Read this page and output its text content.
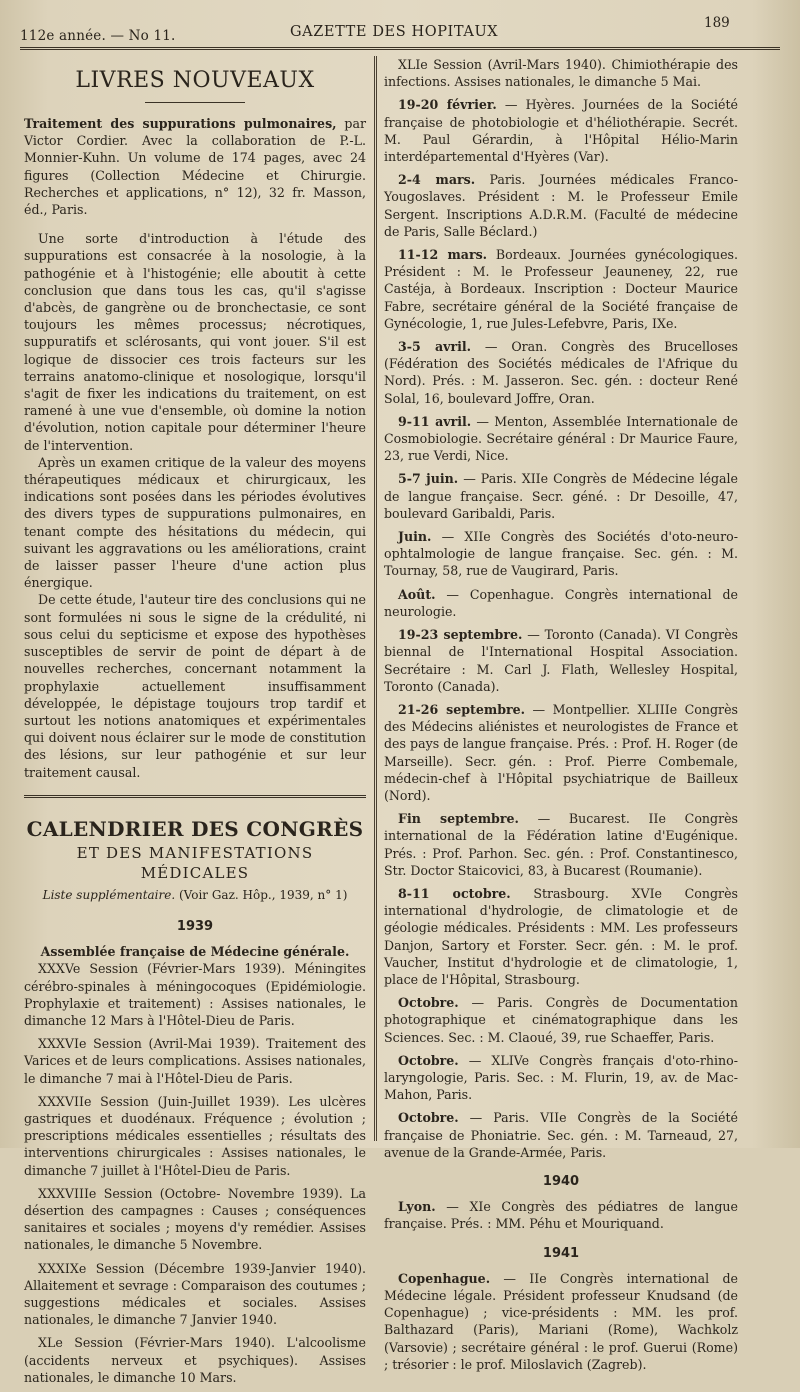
112e année. — No 11.	GAZETTE DES HOPITAUX
189
LIVRES NOUVEAUX

Traitement des suppurations pulmonaires, par Victor Cordier. Avec la collaboration de P.-L. Monnier-Kuhn. Un volume de 174 pages, avec 24 figures (Collection Médecine et Chirurgie. Recherches et applications, n° 12), 32 fr. Masson, éd., Paris.

Une sorte d'introduction à l'étude des suppurations est consacrée à la nosologie, à la pathogénie et à l'histogénie; elle aboutit à cette conclusion que dans tous les cas, qu'il s'agisse d'abcès, de gangrène ou de bronchectasie, ce sont toujours les mêmes processus; nécrotiques, suppuratifs et sclérosants, qui vont jouer. S'il est logique de dissocier ces trois facteurs sur les terrains anatomo-clinique et nosologique, lorsqu'il s'agit de fixer les indications du traitement, on est ramené à une vue d'ensemble, où domine la notion d'évolution, notion capitale pour déterminer l'heure de l'intervention.

Après un examen critique de la valeur des moyens thérapeutiques médicaux et chirurgicaux, les indications sont posées dans les périodes évolutives des divers types de suppurations pulmonaires, en tenant compte des hésitations du médecin, qui suivant les aggravations ou les améliorations, craint de laisser passer l'heure d'une action plus énergique.

De cette étude, l'auteur tire des conclusions qui ne sont formulées ni sous le signe de la crédulité, ni sous celui du septicisme et expose des hypothèses susceptibles de servir de point de départ à de nouvelles recherches, concernant notamment la prophylaxie actuellement insuffisamment développée, le dépistage toujours trop tardif et surtout les notions anatomiques et expérimentales qui doivent nous éclairer sur le mode de constitution des lésions, sur leur pathogénie et sur leur traitement causal.

CALENDRIER DES CONGRÈS
ET DES MANIFESTATIONS MÉDICALES
Liste supplémentaire. (Voir Gaz. Hôp., 1939, n° 1)
1939
Assemblée française de Médecine générale.

XXXVe Session (Février-Mars 1939). Méningites cérébro-spinales à méningocoques (Epidémiologie. Prophylaxie et traitement) : Assises nationales, le dimanche 12 Mars à l'Hôtel-Dieu de Paris.

XXXVIe Session (Avril-Mai 1939). Traitement des Varices et de leurs complications. Assises nationales, le dimanche 7 mai à l'Hôtel-Dieu de Paris.

XXXVIIe Session (Juin-Juillet 1939). Les ulcères gastriques et duodénaux. Fréquence ; évolution ; prescriptions médicales essentielles ; résultats des interventions chirurgicales : Assises nationales, le dimanche 7 juillet à l'Hôtel-Dieu de Paris.

XXXVIIIe Session (Octobre- Novembre 1939). La désertion des campagnes : Causes ; conséquences sanitaires et sociales ; moyens d'y remédier. Assises nationales, le dimanche 5 Novembre.

XXXIXe Session (Décembre 1939-Janvier 1940). Allaitement et sevrage : Comparaison des coutumes ; suggestions médicales et sociales. Assises nationales, le dimanche 7 Janvier 1940.

XLe Session (Février-Mars 1940). L'alcoolisme (accidents nerveux et psychiques). Assises nationales, le dimanche 10 Mars.

XLIe Session (Avril-Mars 1940). Chimiothérapie des infections. Assises nationales, le dimanche 5 Mai.

19-20 février. — Hyères. Journées de la Société française de photobiologie et d'héliothérapie. Secrét. M. Paul Gérardin, à l'Hôpital Hélio-Marin interdépartemental d'Hyères (Var).

2-4 mars. Paris. Journées médicales Franco-Yougoslaves. Président : M. le Professeur Emile Sergent. Inscriptions A.D.R.M. (Faculté de médecine de Paris, Salle Béclard.)

11-12 mars. Bordeaux. Journées gynécologiques. Président : M. le Professeur Jeauneney, 22, rue Castéja, à Bordeaux. Inscription : Docteur Maurice Fabre, secrétaire général de la Société française de Gynécologie, 1, rue Jules-Lefebvre, Paris, IXe.

3-5 avril. — Oran. Congrès des Brucelloses (Fédération des Sociétés médicales de l'Afrique du Nord). Prés. : M. Jasseron. Sec. gén. : docteur René Solal, 16, boulevard Joffre, Oran.

9-11 avril. — Menton, Assemblée Internationale de Cosmobiologie. Secrétaire général : Dr Maurice Faure, 23, rue Verdi, Nice.

5-7 juin. — Paris. XIIe Congrès de Médecine légale de langue française. Secr. géné. : Dr Desoille, 47, boulevard Garibaldi, Paris.

Juin. — XIIe Congrès des Sociétés d'oto-neuro-ophtalmologie de langue française. Sec. gén. : M. Tournay, 58, rue de Vaugirard, Paris.

Août. — Copenhague. Congrès international de neurologie.

19-23 septembre. — Toronto (Canada). VI Congrès biennal de l'International Hospital Association. Secrétaire : M. Carl J. Flath, Wellesley Hospital, Toronto (Canada).

21-26 septembre. — Montpellier. XLIIIe Congrès des Médecins aliénistes et neurologistes de France et des pays de langue française. Prés. : Prof. H. Roger (de Marseille). Secr. gén. : Prof. Pierre Combemale, médecin-chef à l'Hôpital psychiatrique de Bailleux (Nord).

Fin septembre. — Bucarest. IIe Congrès international de la Fédération latine d'Eugénique. Prés. : Prof. Parhon. Sec. gén. : Prof. Constantinesco, Str. Doctor Staicovici, 83, à Bucarest (Roumanie).

8-11 octobre. Strasbourg. XVIe Congrès international d'hydrologie, de climatologie et de géologie médicales. Présidents : MM. Les professeurs Danjon, Sartory et Forster. Secr. gén. : M. le prof. Vaucher, Institut d'hydrologie et de climatologie, 1, place de l'Hôpital, Strasbourg.

Octobre. — Paris. Congrès de Documentation photographique et cinématographique dans les Sciences. Sec. : M. Claoué, 39, rue Schaeffer, Paris.

Octobre. — XLIVe Congrès français d'oto-rhino-laryngologie, Paris. Sec. : M. Flurin, 19, av. de Mac-Mahon, Paris.

Octobre. — Paris. VIIe Congrès de la Société française de Phoniatrie. Sec. gén. : M. Tarneaud, 27, avenue de la Grande-Armée, Paris.

1940

Lyon. — XIe Congrès des pédiatres de langue française. Prés. : MM. Péhu et Mouriquand.

1941

Copenhague. — IIe Congrès international de Médecine légale. Président professeur Knudsand (de Copenhague) ; vice-présidents : MM. les prof. Balthazard (Paris), Mariani (Rome), Wachkolz (Varsovie) ; secrétaire général : le prof. Guerui (Rome) ; trésorier : le prof. Miloslavich (Zagreb).
